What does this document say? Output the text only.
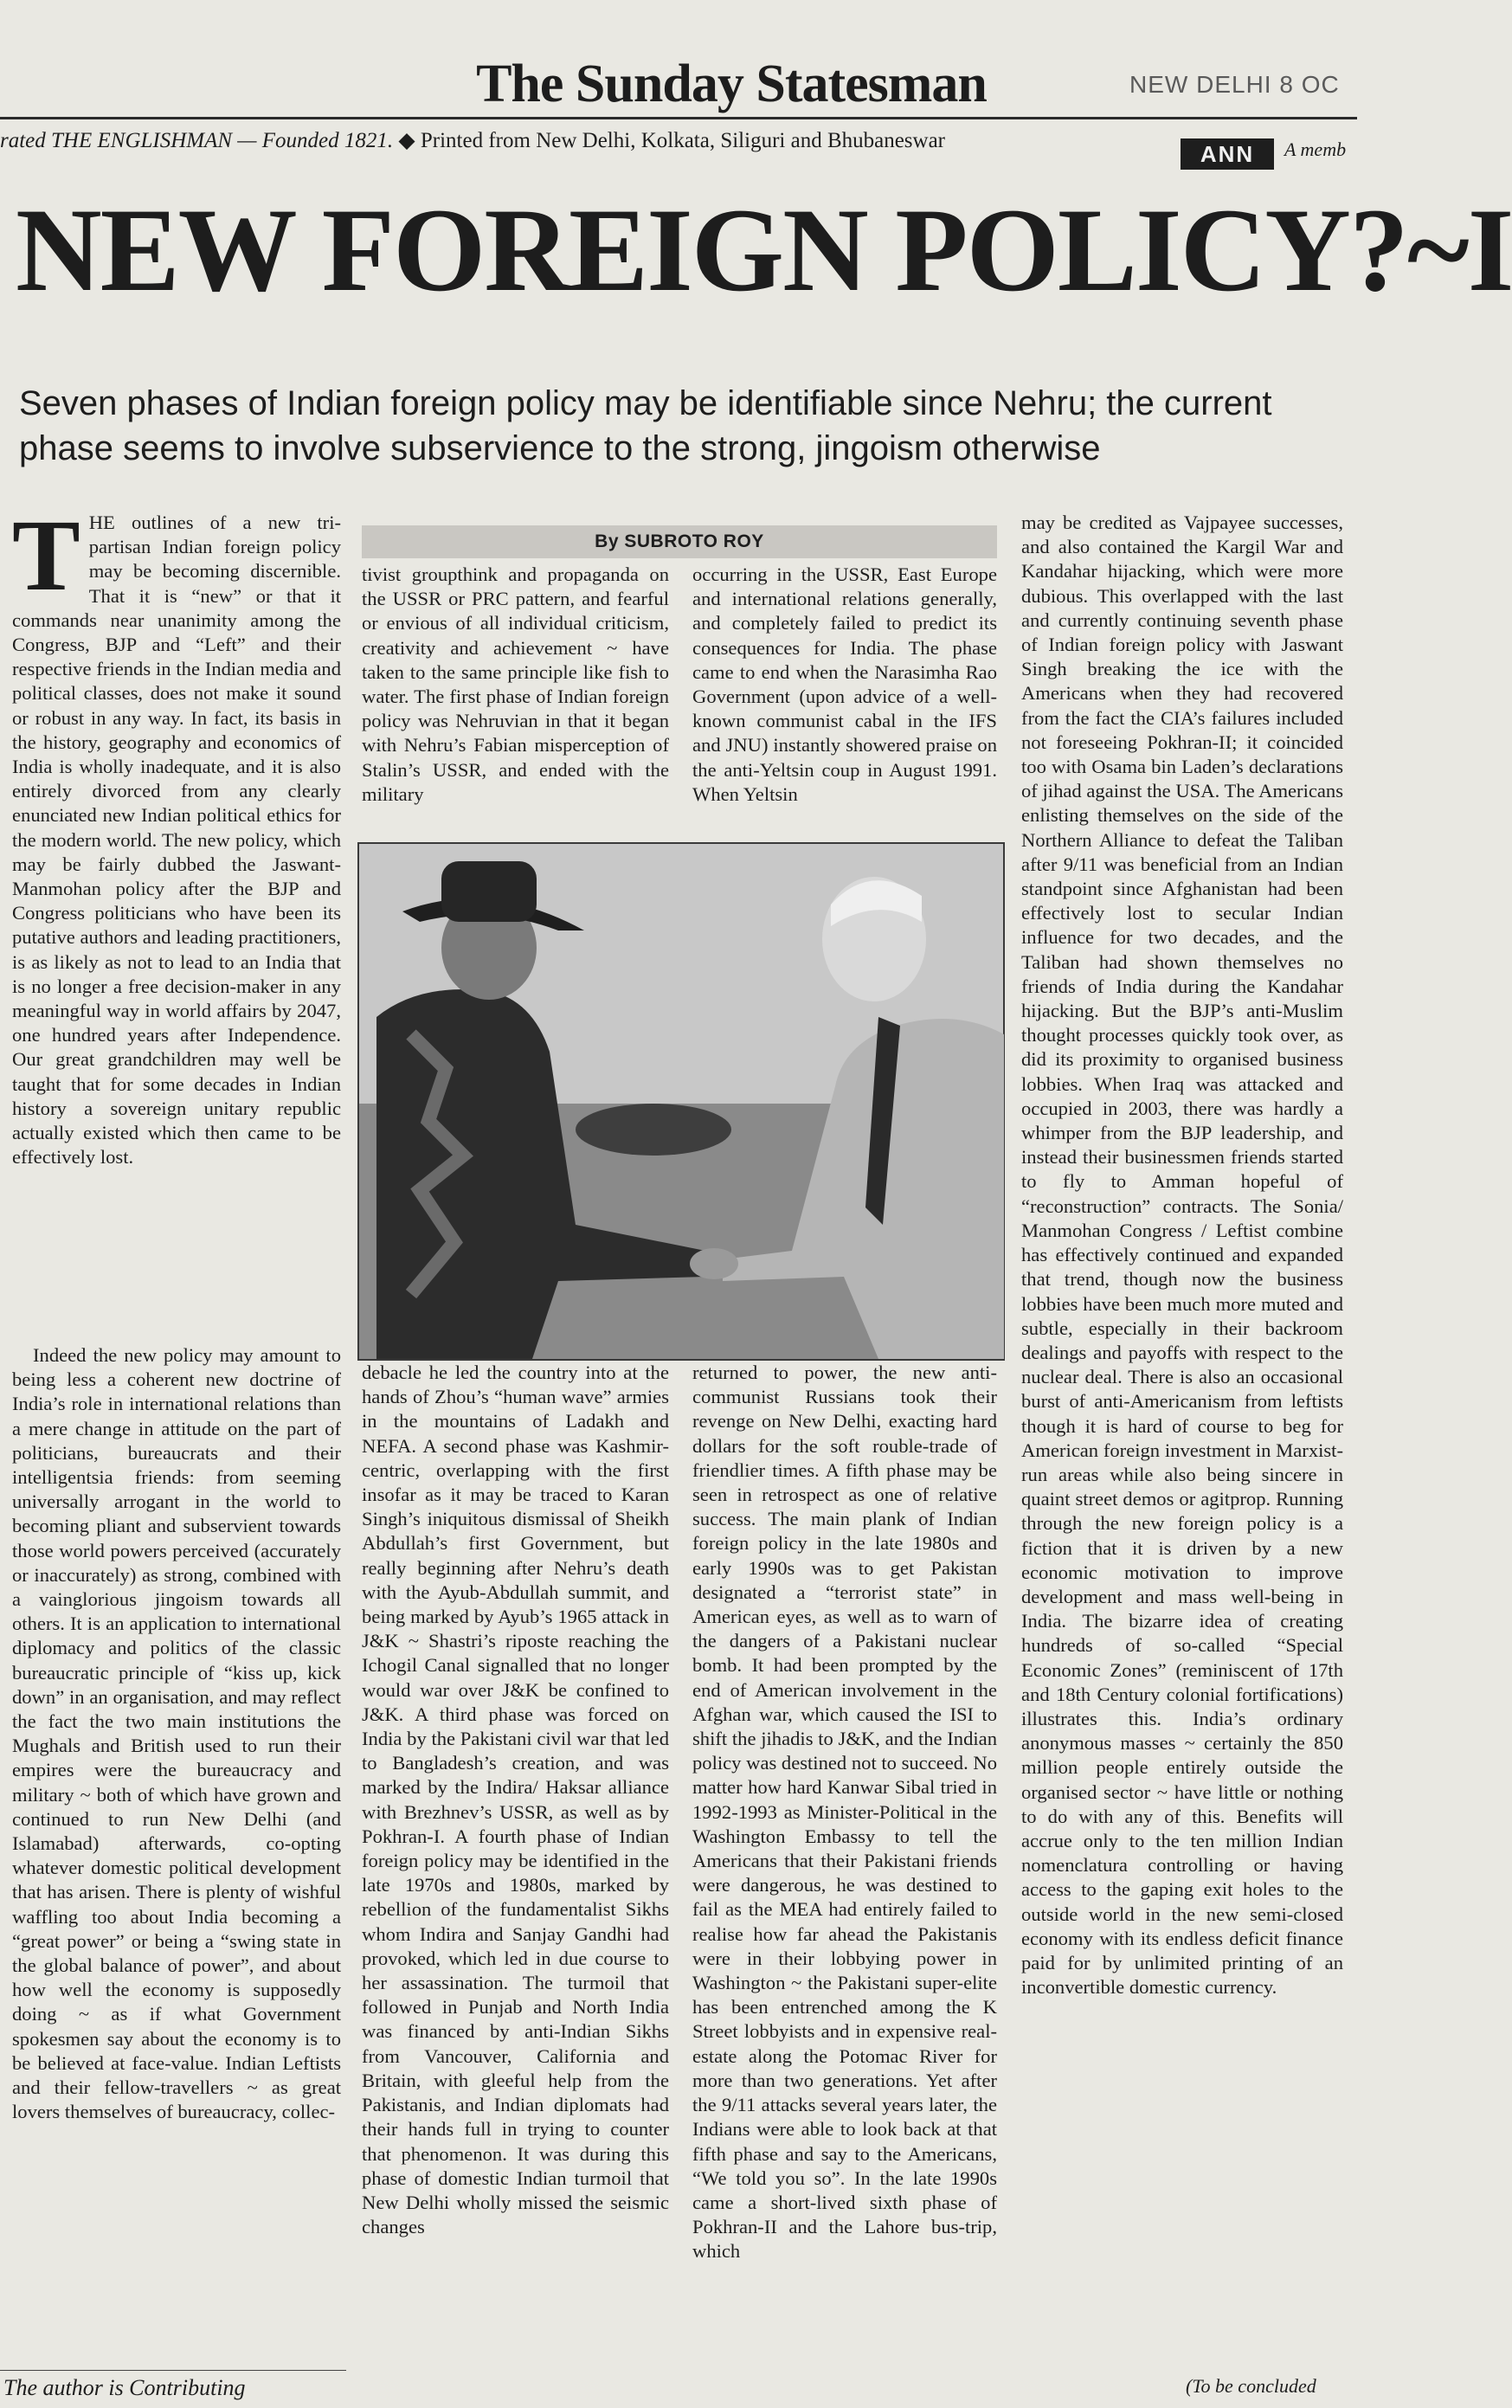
The Sunday Statesman	NEW DELHI 8 OC
rated THE ENGLISHMAN — Founded 1821. ◆ Printed from New Delhi, Kolkata, Siliguri and Bhubaneswar
ANN	A memb
NEW FOREIGN POLICY?~I
Seven phases of Indian foreign policy may be identifiable since Nehru; the current phase seems to involve subservience to the strong, jingoism otherwise
By SUBROTO ROY
T HE outlines of a new tri-partisan Indian foreign policy may be becoming discernible. That it is “new” or that it commands near unanimity among the Congress, BJP and “Left” and their respective friends in the Indian media and political classes, does not make it sound or robust in any way. In fact, its basis in the history, geography and economics of India is wholly inadequate, and it is also entirely divorced from any clearly enunciated new Indian political ethics for the modern world. The new policy, which may be fairly dubbed the Jaswant-Manmohan policy after the BJP and Congress politicians who have been its putative authors and leading practitioners, is as likely as not to lead to an India that is no longer a free decision-maker in any meaningful way in world affairs by 2047, one hundred years after Independence. Our great grandchildren may well be taught that for some decades in Indian history a sovereign unitary republic actually existed which then came to be effectively lost.

Indeed the new policy may amount to being less a coherent new doctrine of India’s role in international relations than a mere change in attitude on the part of politicians, bureaucrats and their intelligentsia friends: from seeming universally arrogant in the world to becoming pliant and subservient towards those world powers perceived (accurately or inaccurately) as strong, combined with a vainglorious jingoism towards all others. It is an application to international diplomacy and politics of the classic bureaucratic principle of “kiss up, kick down” in an organisation, and may reflect the fact the two main institutions the Mughals and British used to run their empires were the bureaucracy and military ~ both of which have grown and continued to run New Delhi (and Islamabad) afterwards, co-opting whatever domestic political development that has arisen. There is plenty of wishful waffling too about India becoming a “great power” or being a “swing state in the global balance of power”, and about how well the economy is supposedly doing ~ as if what Government spokesmen say about the economy is to be believed at face-value. Indian Leftists and their fellow-travellers ~ as great lovers themselves of bureaucracy, collec-

tivist groupthink and propaganda on the USSR or PRC pattern, and fearful or envious of all individual criticism, creativity and achievement ~ have taken to the same principle like fish to water. The first phase of Indian foreign policy was Nehruvian in that it began with Nehru’s Fabian misperception of Stalin’s USSR, and ended with the military

occurring in the USSR, East Europe and international relations generally, and completely failed to predict its consequences for India. The phase came to end when the Narasimha Rao Government (upon advice of a well-known communist cabal in the IFS and JNU) instantly showered praise on the anti-Yeltsin coup in August 1991. When Yeltsin

debacle he led the country into at the hands of Zhou’s “human wave” armies in the mountains of Ladakh and NEFA. A second phase was Kashmir-centric, overlapping with the first insofar as it may be traced to Karan Singh’s iniquitous dismissal of Sheikh Abdullah’s first Government, but really beginning after Nehru’s death with the Ayub-Abdullah summit, and being marked by Ayub’s 1965 attack in J&K ~ Shastri’s riposte reaching the Ichogil Canal signalled that no longer would war over J&K be confined to J&K. A third phase was forced on India by the Pakistani civil war that led to Bangladesh’s creation, and was marked by the Indira/ Haksar alliance with Brezhnev’s USSR, as well as by Pokhran-I. A fourth phase of Indian foreign policy may be identified in the late 1970s and 1980s, marked by rebellion of the fundamentalist Sikhs whom Indira and Sanjay Gandhi had provoked, which led in due course to her assassination. The turmoil that followed in Punjab and North India was financed by anti-Indian Sikhs from Vancouver, California and Britain, with gleeful help from the Pakistanis, and Indian diplomats had their hands full in trying to counter that phenomenon. It was during this phase of domestic Indian turmoil that New Delhi wholly missed the seismic changes

returned to power, the new anti-communist Russians took their revenge on New Delhi, exacting hard dollars for the soft rouble-trade of friendlier times. A fifth phase may be seen in retrospect as one of relative success. The main plank of Indian foreign policy in the late 1980s and early 1990s was to get Pakistan designated a “terrorist state” in American eyes, as well as to warn of the dangers of a Pakistani nuclear bomb. It had been prompted by the end of American involvement in the Afghan war, which caused the ISI to shift the jihadis to J&K, and the Indian policy was destined not to succeed. No matter how hard Kanwar Sibal tried in 1992-1993 as Minister-Political in the Washington Embassy to tell the Americans that their Pakistani friends were dangerous, he was destined to fail as the MEA had entirely failed to realise how far ahead the Pakistanis were in their lobbying power in Washington ~ the Pakistani super-elite has been entrenched among the K Street lobbyists and in expensive real-estate along the Potomac River for more than two generations. Yet after the 9/11 attacks several years later, the Indians were able to look back at that fifth phase and say to the Americans, “We told you so”. In the late 1990s came a short-lived sixth phase of Pokhran-II and the Lahore bus-trip, which

may be credited as Vajpayee successes, and also contained the Kargil War and Kandahar hijacking, which were more dubious. This overlapped with the last and currently continuing seventh phase of Indian foreign policy with Jaswant Singh breaking the ice with the Americans when they had recovered from the fact the CIA’s failures included not foreseeing Pokhran-II; it coincided too with Osama bin Laden’s declarations of jihad against the USA. The Americans enlisting themselves on the side of the Northern Alliance to defeat the Taliban after 9/11 was beneficial from an Indian standpoint since Afghanistan had been effectively lost to secular Indian influence for two decades, and the Taliban had shown themselves no friends of India during the Kandahar hijacking. But the BJP’s anti-Muslim thought processes quickly took over, as did its proximity to organised business lobbies. When Iraq was attacked and occupied in 2003, there was hardly a whimper from the BJP leadership, and instead their businessmen friends started to fly to Amman hopeful of “reconstruction” contracts. The Sonia/ Manmohan Congress / Leftist combine has effectively continued and expanded that trend, though now the business lobbies have been much more muted and subtle, especially in their backroom dealings and payoffs with respect to the nuclear deal. There is also an occasional burst of anti-Americanism from leftists though it is hard of course to beg for American foreign investment in Marxist-run areas while also being sincere in quaint street demos or agitprop. Running through the new foreign policy is a fiction that it is driven by a new economic motivation to improve development and mass well-being in India. The bizarre idea of creating hundreds of so-called “Special Economic Zones” (reminiscent of 17th and 18th Century colonial fortifications) illustrates this. India’s ordinary anonymous masses ~ certainly the 850 million people entirely outside the organised sector ~ have little or nothing to do with any of this. Benefits will accrue only to the ten million Indian nomenclatura controlling or having access to the gaping exit holes to the outside world in the new semi-closed economy with its endless deficit finance paid for by unlimited printing of an inconvertible domestic currency.

The author is Contributing	(To be concluded
